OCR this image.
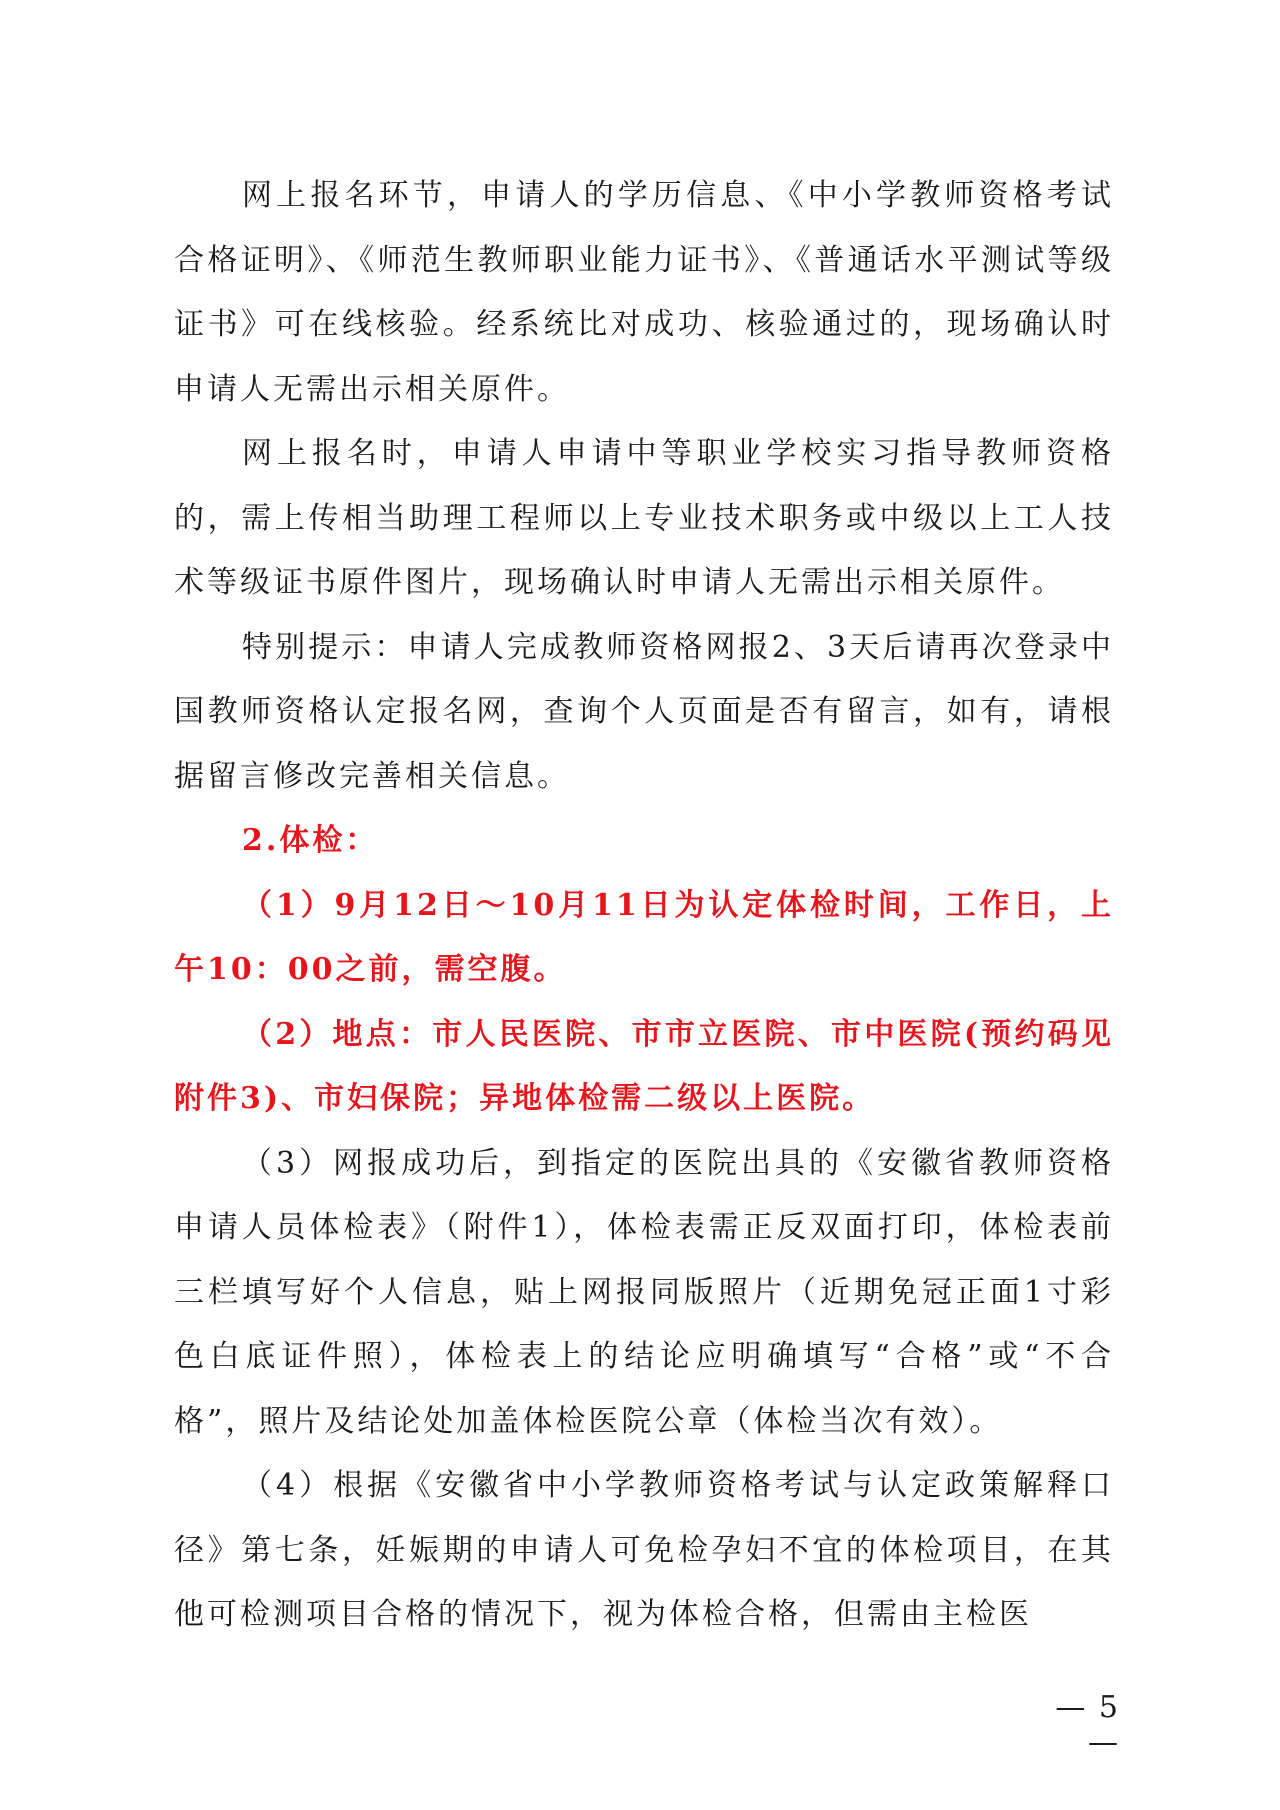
网上报名环节，申请人的学历信息、《中小学教师资格考试合格证明》、《师范生教师职业能力证书》、《普通话水平测试等级证书》可在线核验。经系统比对成功、核验通过的，现场确认时申请人无需出示相关原件。

网上报名时，申请人申请中等职业学校实习指导教师资格的，需上传相当助理工程师以上专业技术职务或中级以上工人技术等级证书原件图片，现场确认时申请人无需出示相关原件。

特别提示：申请人完成教师资格网报2、3天后请再次登录中国教师资格认定报名网，查询个人页面是否有留言，如有，请根据留言修改完善相关信息。

2.体检：

（1）9月12日～10月11日为认定体检时间，工作日，上午10：00之前，需空腹。

（2）地点：市人民医院、市市立医院、市中医院(预约码见附件3)、市妇保院；异地体检需二级以上医院。

（3）网报成功后，到指定的医院出具的《安徽省教师资格申请人员体检表》（附件1），体检表需正反双面打印，体检表前三栏填写好个人信息，贴上网报同版照片（近期免冠正面1寸彩色白底证件照），体检表上的结论应明确填写“合格”或“不合格”，照片及结论处加盖体检医院公章（体检当次有效）。

（4）根据《安徽省中小学教师资格考试与认定政策解释口径》第七条，妊娠期的申请人可免检孕妇不宜的体检项目，在其他可检测项目合格的情况下，视为体检合格，但需由主检医

— 5 —
